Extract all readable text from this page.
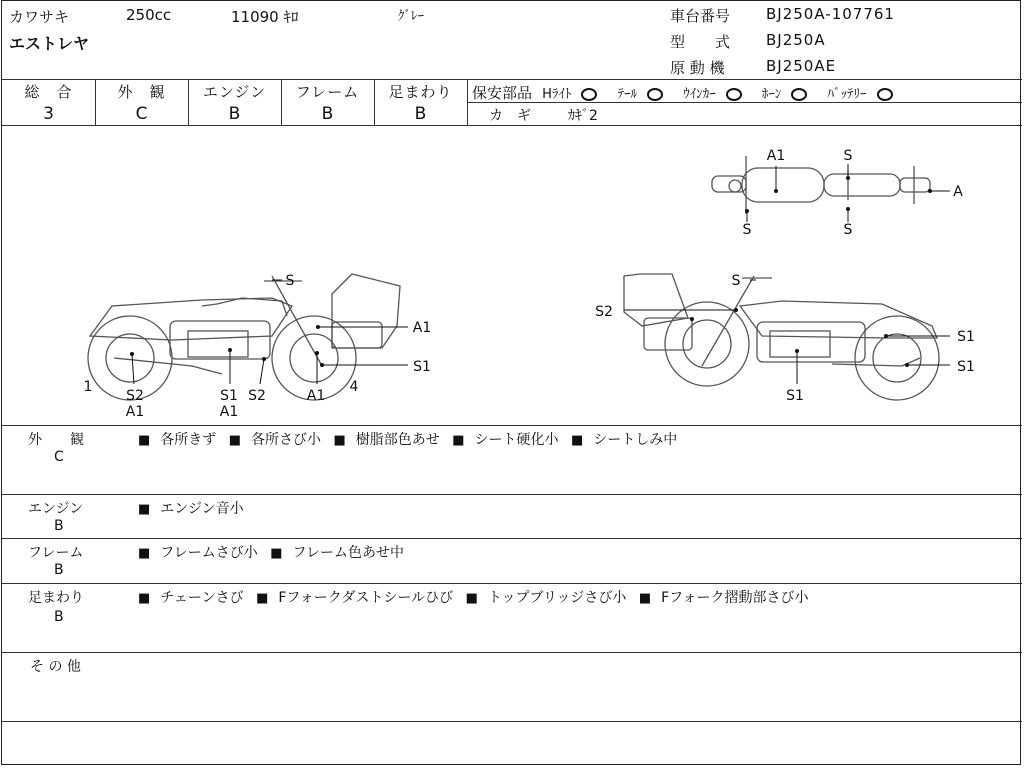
カワサキ	250cc	11090 ｷﾛ	ｸﾞﾚｰ
エストレヤ
車台番号 BJ250A-107761
型　　式 BJ250A
原 動 機	BJ250AE
総　合
3
外　観
C
エンジン
B
フレーム
B
足まわり
B
保安部品 Hﾗｲﾄ	ﾃｰﾙ	ｳｲﾝｶｰ	ﾎｰﾝ	ﾊﾞｯﾃﾘｰ
カ　ギ	ｶｷﾞ2
A1	S
A
S	S
S
A1
S1
1
S2
A1
S1 S2
A1
A1
4
S
S2
S1
S1
S1
外　　観
C
■ 各所きず ■ 各所さび小 ■ 樹脂部色あせ ■ シート硬化小 ■ シートしみ中
エンジン
B
■ エンジン音小
フレーム
B
■ フレームさび小 ■ フレーム色あせ中
足まわり
B
■ チェーンさび ■ Fフォークダストシールひび ■ トップブリッジさび小 ■ Fフォーク摺動部さび小
そ の 他
